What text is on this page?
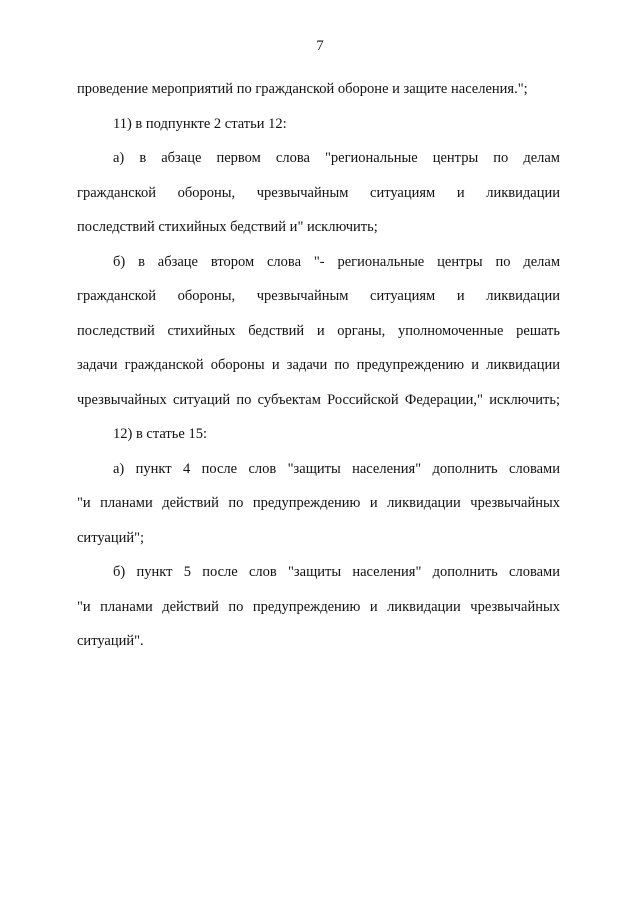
7
проведение мероприятий по гражданской обороне и защите населения.";
11) в подпункте 2 статьи 12:
а) в абзаце первом слова "региональные центры по делам
гражданской обороны, чрезвычайным ситуациям и ликвидации
последствий стихийных бедствий и" исключить;
б) в абзаце втором слова "- региональные центры по делам
гражданской обороны, чрезвычайным ситуациям и ликвидации
последствий стихийных бедствий и органы, уполномоченные решать
задачи гражданской обороны и задачи по предупреждению и ликвидации
чрезвычайных ситуаций по субъектам Российской Федерации," исключить;
12) в статье 15:
а) пункт 4 после слов "защиты населения" дополнить словами
"и планами действий по предупреждению и ликвидации чрезвычайных
ситуаций";
б) пункт 5 после слов "защиты населения" дополнить словами
"и планами действий по предупреждению и ликвидации чрезвычайных
ситуаций".
